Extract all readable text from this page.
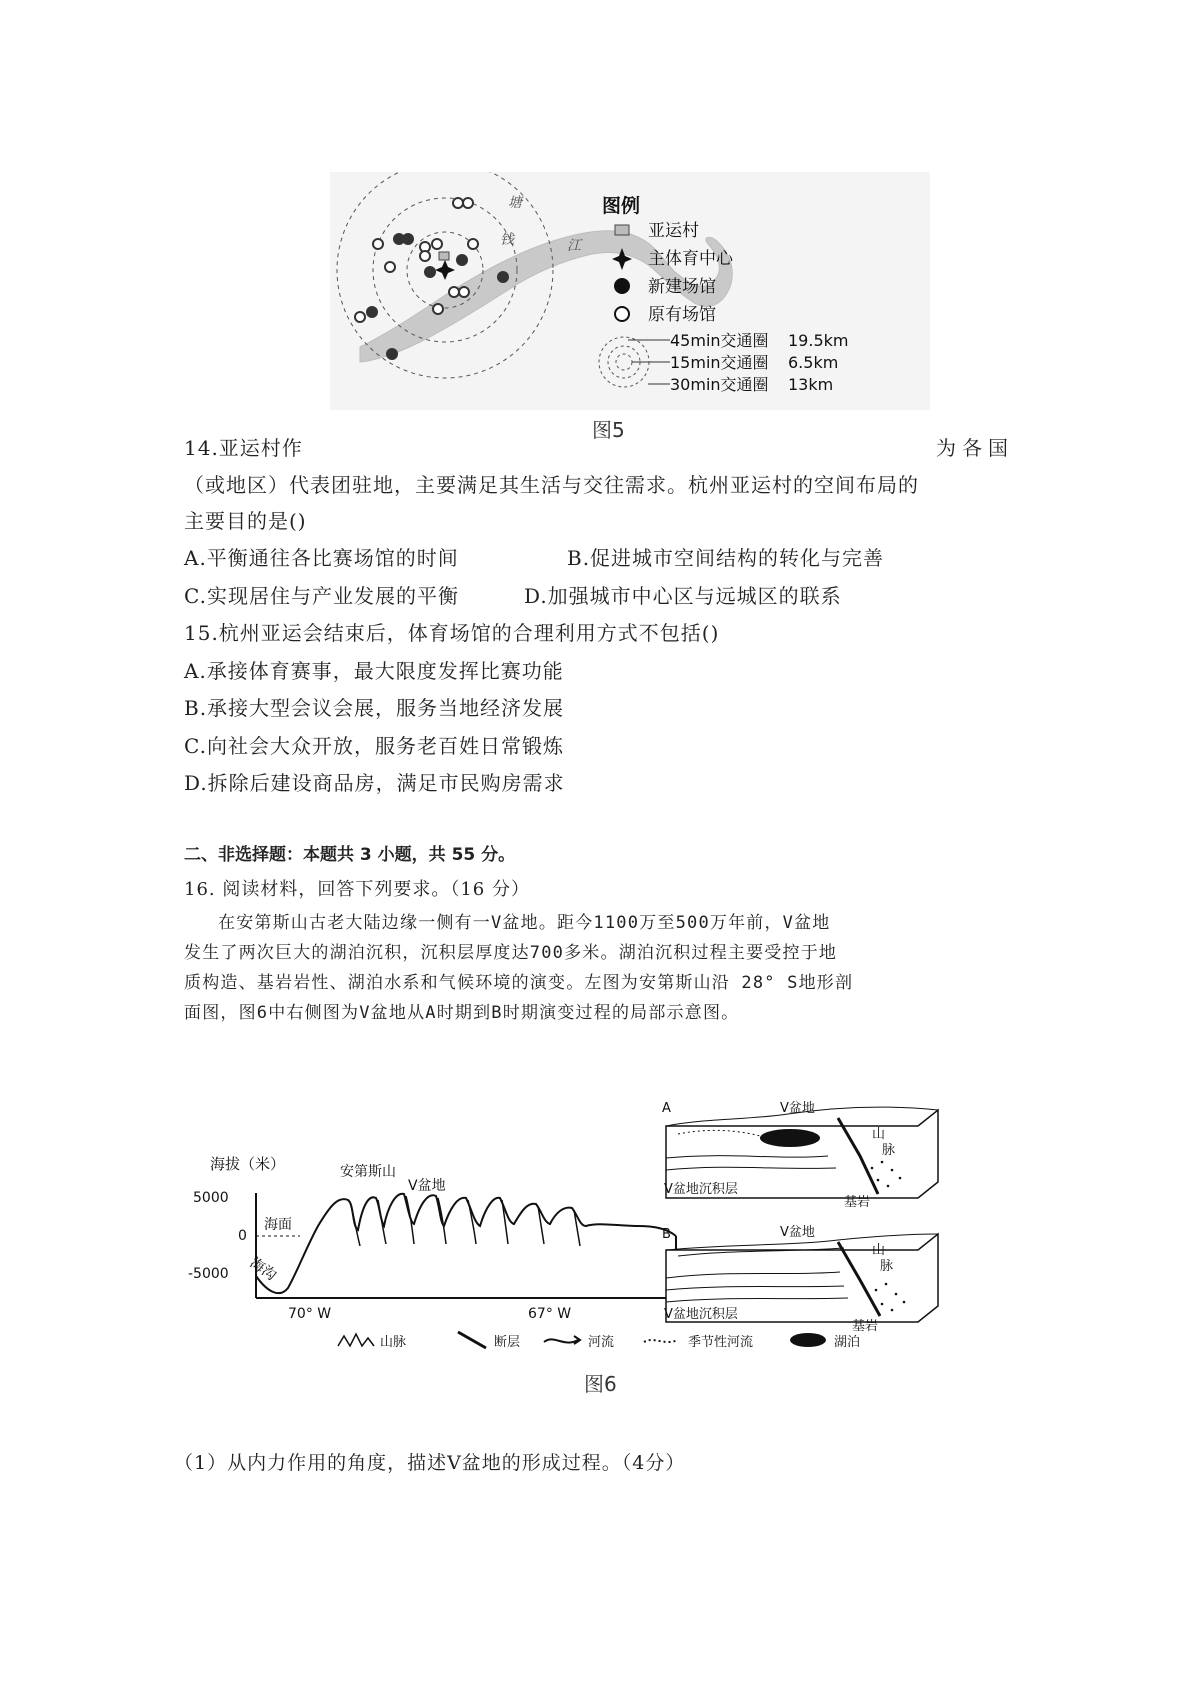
钱
塘
江
图例
亚运村
主体育中心
新建场馆
原有场馆
45min交通圈 19.5km
15min交通圈 6.5km
30min交通圈 13km
图5
14.亚运村作	为各国
（或地区）代表团驻地，主要满足其生活与交往需求。杭州亚运村的空间布局的
主要目的是()
A.平衡通往各比赛场馆的时间	B.促进城市空间结构的转化与完善
C.实现居住与产业发展的平衡	D.加强城市中心区与远城区的联系
15.杭州亚运会结束后，体育场馆的合理利用方式不包括()
A.承接体育赛事，最大限度发挥比赛功能
B.承接大型会议会展，服务当地经济发展
C.向社会大众开放，服务老百姓日常锻炼
D.拆除后建设商品房，满足市民购房需求
二、非选择题：本题共 3 小题，共 55 分。
16. 阅读材料，回答下列要求。（16 分）
在安第斯山古老大陆边缘一侧有一V盆地。距今1100万至500万年前，V盆地
发生了两次巨大的湖泊沉积，沉积层厚度达700多米。湖泊沉积过程主要受控于地
质构造、基岩岩性、湖泊水系和气候环境的演变。左图为安第斯山沿 28° S地形剖
面图，图6中右侧图为V盆地从A时期到B时期演变过程的局部示意图。
海拔（米）
5000
0
-5000
海面
海沟
安第斯山
V盆地
70° W	67° W
A	V盆地
山
脉
V盆地沉积层
基岩
B	V盆地
山
脉
V盆地沉积层
基岩
山脉	断层	河流	季节性河流	湖泊
图6
（1）从内力作用的角度，描述V盆地的形成过程。（4分）
